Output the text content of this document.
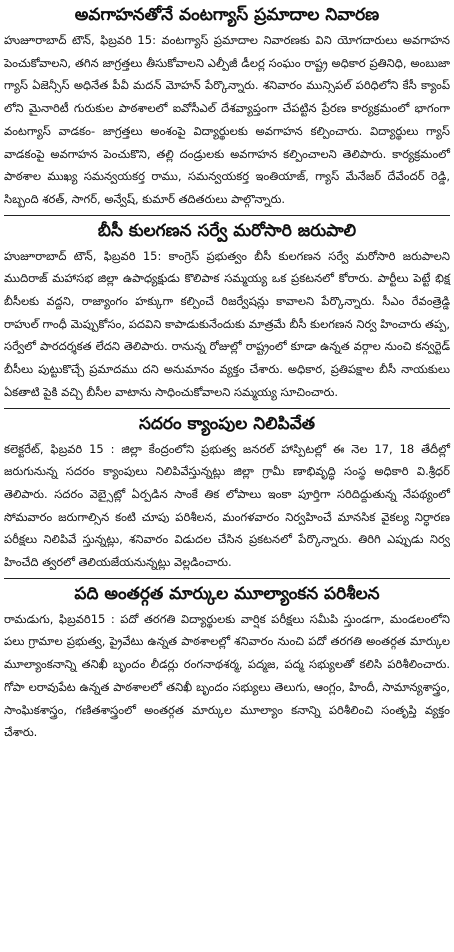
అవగాహనతోనే వంటగ్యాస్ ప్రమాదాల నివారణ

హుజూరాబాద్ టౌన్, ఫిబ్రవరి 15: వంటగ్యాస్ ప్రమాదాల నివారణకు విని యోగదారులు అవగాహన పెంచుకోవాలని, తగిన జాగ్రత్తలు తీసుకోవాలని ఎల్పీజీ డీలర్ల సంఘం రాష్ట్ర అధికార ప్రతినిధి, అంబుజా గ్యాస్ ఏజెన్సీస్ అధినేత పీవీ మదన్ మోహన్ పేర్కొన్నారు. శనివారం మున్సిపల్ పరిధిలోని కేసీ క్యాంప్ లోని మైనారిటీ గురుకుల పాఠశాలలో ఐవోసీఎల్ దేశవ్యాప్తంగా చేపట్టిన ప్రేరణ కార్యక్రమంలో భాగంగా వంటగ్యాస్ వాడకం- జాగ్రత్తలు అంశంపై విద్యార్థులకు అవగాహన కల్పించారు. విద్యార్థులు గ్యాస్ వాడకంపై అవగాహన పెంచుకొని, తల్లి దండ్రులకు అవగాహన కల్పించాలని తెలిపారు. కార్యక్రమంలో పాఠశాల ముఖ్య సమన్వయకర్త రాము, సమన్వయకర్త ఇంతియాజ్, గ్యాస్ మేనేజర్ దేవేందర్ రెడ్డి, సిబ్బంది శరత్, సాగర్, అన్వేష్, కుమార్ తదితరులు పాల్గొన్నారు.

బీసీ కులగణన సర్వే మరోసారి జరుపాలి

హుజూరాబాద్ టౌన్, ఫిబ్రవరి 15: కాంగ్రెస్ ప్రభుత్వం బీసీ కులగణన సర్వే మరోసారి జరుపాలని ముదిరాజ్ మహాసభ జిల్లా ఉపాధ్యక్షుడు కొలిపాక సమ్మయ్య ఒక ప్రకటనలో కోరారు. పార్టీలు పెట్టే భిక్ష బీసీలకు వద్దని, రాజ్యాంగం హక్కుగా కల్పించే రిజర్వేషన్లు కావాలని పేర్కొన్నారు. సీఎం రేవంత్రెడ్డి రాహుల్ గాంధీ మెప్పుకోసం, పదవిని కాపాడుకునేందుకు మాత్రమే బీసీ కులగణన నిర్వ హించారు తప్ప, సర్వేలో పారదర్శకత లేదని తెలిపారు. రానున్న రోజుల్లో రాష్ట్రంలో కూడా ఉన్నత వర్గాల నుంచి కన్వర్టెడ్ బీసీలు పుట్టుకొచ్చే ప్రమాదము దని అనుమానం వ్యక్తం చేశారు. అధికార, ప్రతిపక్షాల బీసీ నాయకులు ఏకతాటి పైకి వచ్చి బీసీల వాటాను సాధించుకోవాలని సమ్మయ్య సూచించారు.

సదరం క్యాంపుల నిలిపివేత

కలెక్టరేట్, ఫిబ్రవరి 15 : జిల్లా కేంద్రంలోని ప్రభుత్వ జనరల్ హాస్పిటల్లో ఈ నెల 17, 18 తేదీల్లో జరుగునున్న సదరం క్యాంపులు నిలిపివేస్తున్నట్లు జిల్లా గ్రామీ ణాభివృద్ధి సంస్థ అధికారి వి.శ్రీధర్ తెలిపారు. సదరం వెబ్సైట్లో ఏర్పడిన సాంకే తిక లోపాలు ఇంకా పూర్తిగా సరిదిద్దుతున్న నేపథ్యంలో సోమవారం జరుగాల్సిన కంటి చూపు పరిశీలన, మంగళవారం నిర్వహించే మానసిక వైకల్య నిర్ధారణ పరీక్షలు నిలిపివే స్తున్నట్లు, శనివారం విడుదల చేసిన ప్రకటనలో పేర్కొన్నారు. తిరిగి ఎప్పుడు నిర్వ హించేది త్వరలో తెలియజేయనున్నట్లు వెల్లడించారు.

పది అంతర్గత మార్కుల మూల్యాంకన పరిశీలన

రామడుగు, ఫిబ్రవరి15 : పదో తరగతి విద్యార్థులకు వార్షిక పరీక్షలు సమీపి స్తుండగా, మండలంలోని పలు గ్రామాల ప్రభుత్వ, ప్రైవేటు ఉన్నత పాఠశాలల్లో శనివారం నుంచి పదో తరగతి అంతర్గత మార్కుల మూల్యాంకనాన్ని తనిఖీ బృందం లీడర్లు రంగనాథశర్మ, పద్మజ, పద్మ సభ్యులతో కలిసి పరిశీలించారు. గోపా లరావుపేట ఉన్నత పాఠశాలలో తనిఖీ బృందం సభ్యులు తెలుగు, ఆంగ్లం, హిందీ, సామాన్యశాస్త్రం, సాంఘికశాస్త్రం, గణితశాస్త్రంలో అంతర్గత మార్కుల మూల్యాం కనాన్ని పరిశీలించి సంతృప్తి వ్యక్తం చేశారు.
